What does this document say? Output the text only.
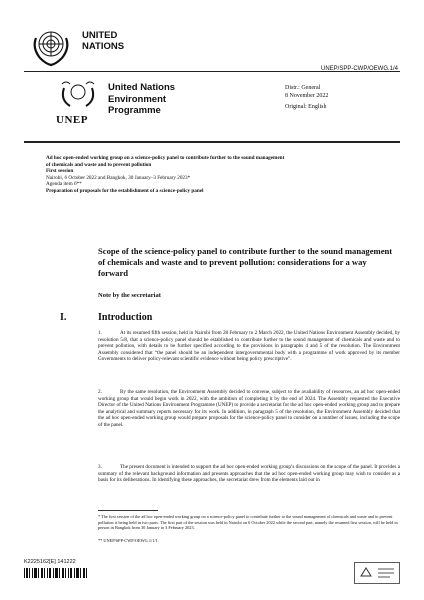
UNITED
NATIONS
UNEP/SPP-CWP/OEWG.1/4
UNEP
United Nations
Environment
Programme
Distr.: General
8 November 2022
Original: English
Ad hoc open-ended working group on a science-policy panel to contribute further to the sound management of chemicals and waste and to prevent pollution
First session
Nairobi, 6 October 2022 and Bangkok, 30 January–3 February 2023*
Agenda item 6**
Preparation of proposals for the establishment of a science-policy panel
Scope of the science-policy panel to contribute further to the sound management of chemicals and waste and to prevent pollution: considerations for a way forward
Note by the secretariat
I.	Introduction
1.	At its resumed fifth session, held in Nairobi from 28 February to 2 March 2022, the United Nations Environment Assembly decided, by resolution 5/8, that a science-policy panel should be established to contribute further to the sound management of chemicals and waste and to prevent pollution, with details to be further specified according to the provisions in paragraphs 4 and 5 of the resolution. The Environment Assembly considered that “the panel should be an independent intergovernmental body with a programme of work approved by its member Governments to deliver policy-relevant scientific evidence without being policy prescriptive”.
2.	By the same resolution, the Environment Assembly decided to convene, subject to the availability of resources, an ad hoc open-ended working group that would begin work in 2022, with the ambition of completing it by the end of 2024. The Assembly requested the Executive Director of the United Nations Environment Programme (UNEP) to provide a secretariat for the ad hoc open-ended working group and to prepare the analytical and summary reports necessary for its work. In addition, in paragraph 5 of the resolution, the Environment Assembly decided that the ad hoc open-ended working group would prepare proposals for the science-policy panel to consider on a number of issues, including the scope of the panel.
3.	The present document is intended to support the ad hoc open-ended working group’s discussions on the scope of the panel. It provides a summary of the relevant background information and presents approaches that the ad hoc open-ended working group may wish to consider as a basis for its deliberations. In identifying these approaches, the secretariat drew from the elements laid out in
* The first session of the ad hoc open-ended working group on a science-policy panel to contribute further to the sound management of chemicals and waste and to prevent pollution is being held in two parts. The first part of the session was held in Nairobi on 6 October 2022 while the second part, namely the resumed first session, will be held in person in Bangkok from 30 January to 3 February 2023.
** UNEP/SPP-CWP/OEWG.1/1/1.
K2225162[E] 141222
